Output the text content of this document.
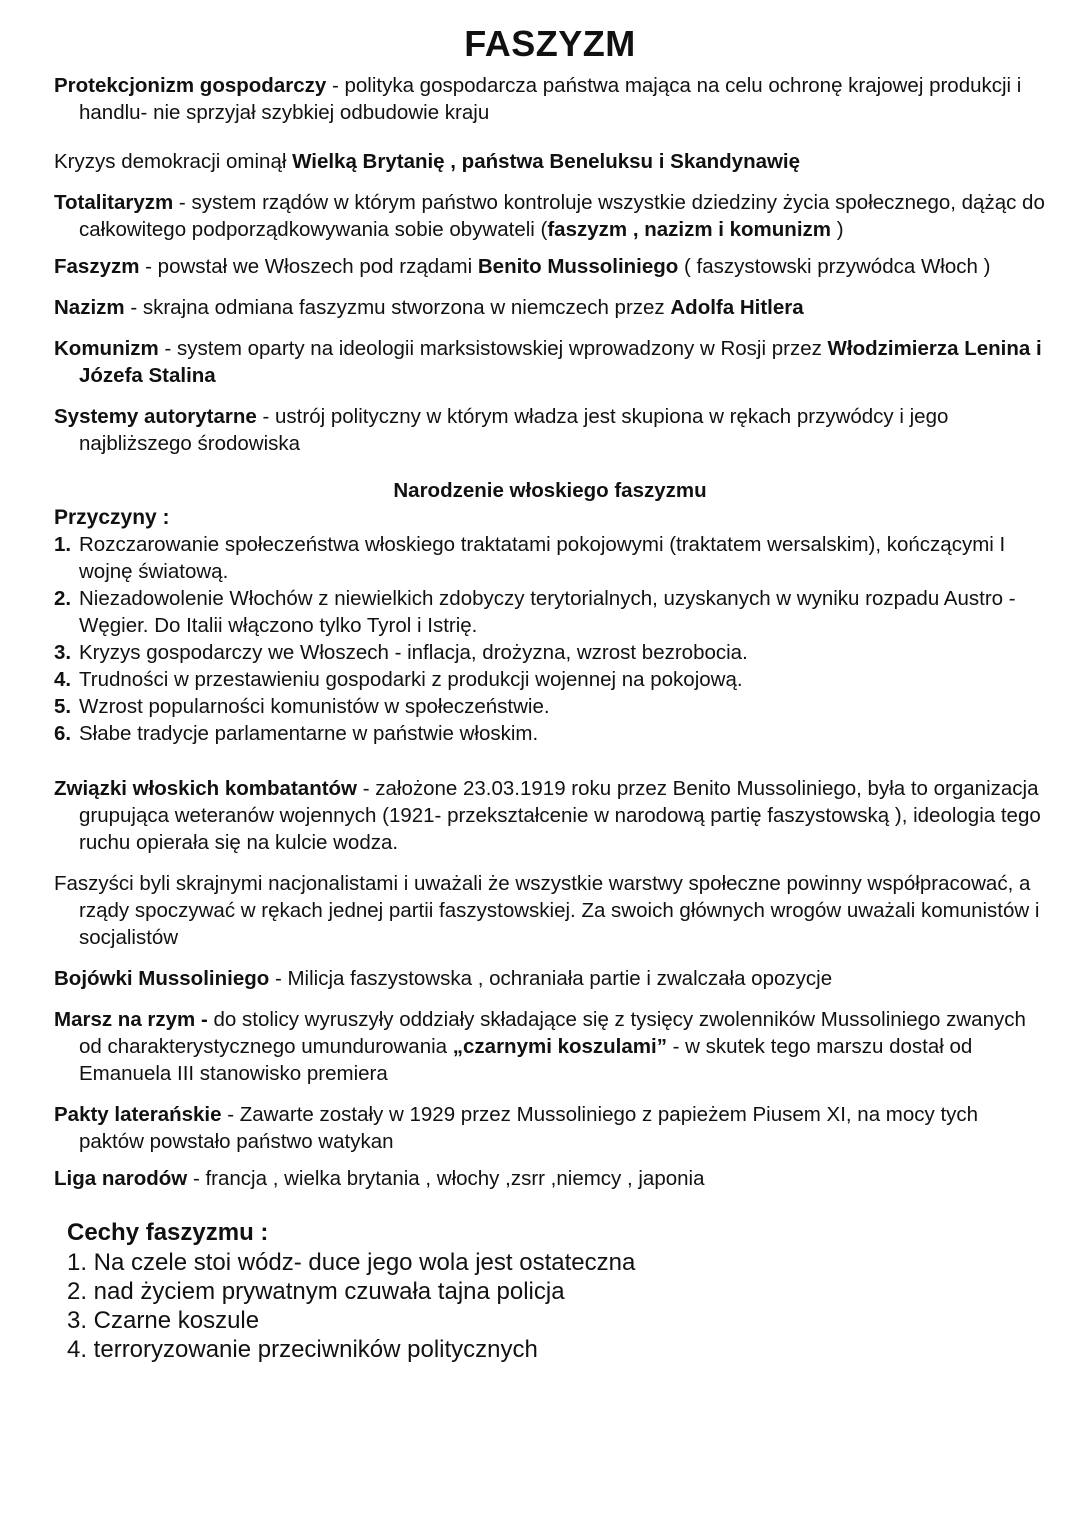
FASZYZM

Protekcjonizm gospodarczy - polityka gospodarcza państwa mająca na celu ochronę krajowej produkcji i handlu- nie sprzyjał szybkiej odbudowie kraju

Kryzys demokracji ominął Wielką Brytanię , państwa Beneluksu i Skandynawię

Totalitaryzm - system rządów w którym państwo kontroluje wszystkie dziedziny życia społecznego, dążąc do całkowitego podporządkowywania sobie obywateli (faszyzm , nazizm i komunizm )

Faszyzm - powstał we Włoszech pod rządami Benito Mussoliniego ( faszystowski przywódca Włoch )

Nazizm - skrajna odmiana faszyzmu stworzona w niemczech przez Adolfa Hitlera

Komunizm - system oparty na ideologii marksistowskiej wprowadzony w Rosji przez Włodzimierza Lenina i Józefa Stalina

Systemy autorytarne - ustrój polityczny w którym władza jest skupiona w rękach przywódcy i jego najbliższego środowiska

Narodzenie włoskiego faszyzmu
Przyczyny :
1. Rozczarowanie społeczeństwa włoskiego traktatami pokojowymi (traktatem wersalskim), kończącymi I wojnę światową.
2. Niezadowolenie Włochów z niewielkich zdobyczy terytorialnych, uzyskanych w wyniku rozpadu Austro - Węgier. Do Italii włączono tylko Tyrol i Istrię.
3. Kryzys gospodarczy we Włoszech - inflacja, drożyzna, wzrost bezrobocia.
4. Trudności w przestawieniu gospodarki z produkcji wojennej na pokojową.
5. Wzrost popularności komunistów w społeczeństwie.
6. Słabe tradycje parlamentarne w państwie włoskim.

Związki włoskich kombatantów - założone 23.03.1919 roku przez Benito Mussoliniego, była to organizacja grupująca weteranów wojennych (1921- przekształcenie w narodową partię faszystowską ), ideologia tego ruchu opierała się na kulcie wodza.

Faszyści byli skrajnymi nacjonalistami i uważali że wszystkie warstwy społeczne powinny współpracować, a rządy spoczywać w rękach jednej partii faszystowskiej. Za swoich głównych wrogów uważali komunistów i socjalistów

Bojówki Mussoliniego - Milicja faszystowska , ochraniała partie i zwalczała opozycje

Marsz na rzym - do stolicy wyruszyły oddziały składające się z tysięcy zwolenników Mussoliniego zwanych od charakterystycznego umundurowania „czarnymi koszulami” - w skutek tego marszu dostał od Emanuela III stanowisko premiera

Pakty laterańskie - Zawarte zostały w 1929 przez Mussoliniego z papieżem Piusem XI, na mocy tych paktów powstało państwo watykan

Liga narodów - francja , wielka brytania , włochy ,zsrr ,niemcy , japonia

Cechy faszyzmu :
1. Na czele stoi wódz- duce jego wola jest ostateczna
2. nad życiem prywatnym czuwała tajna policja
3. Czarne koszule
4. terroryzowanie przeciwników politycznych
